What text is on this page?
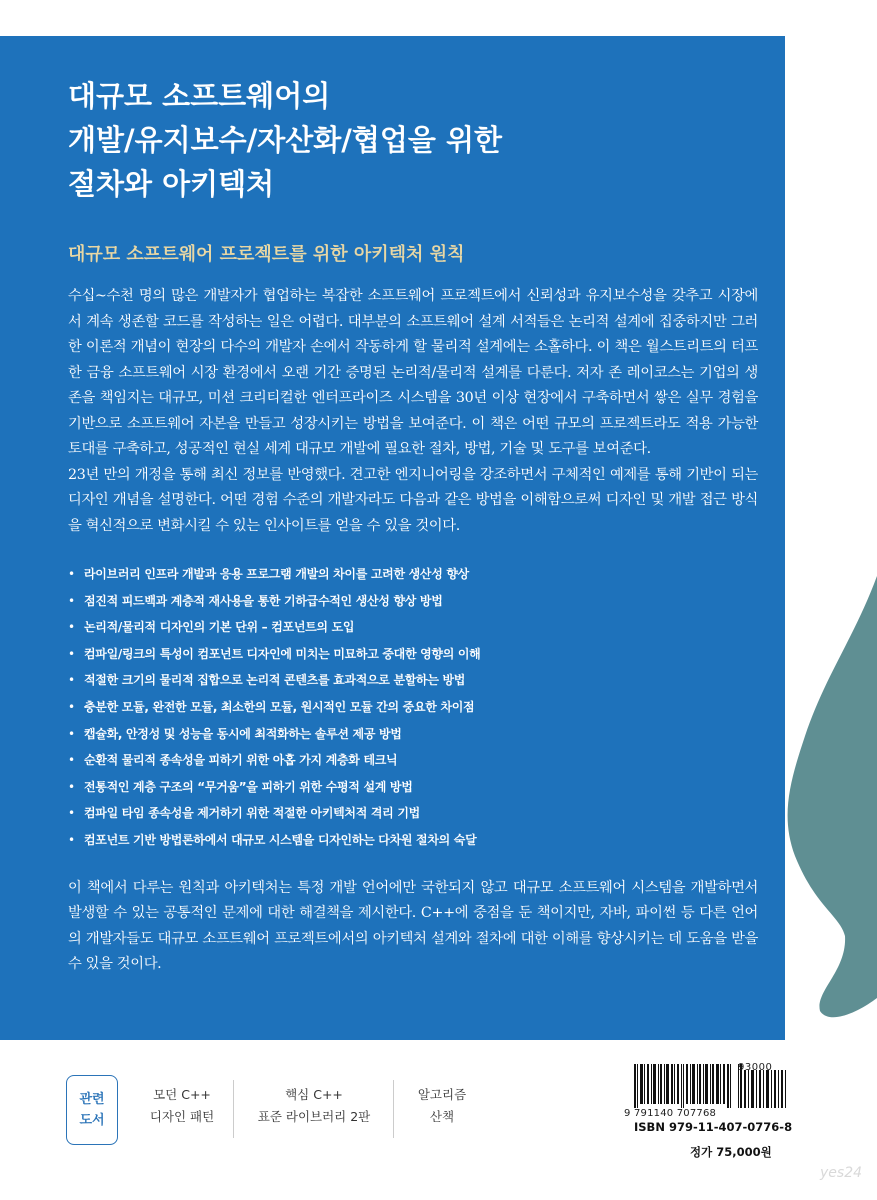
대규모 소프트웨어의
개발/유지보수/자산화/협업을 위한
절차와 아키텍처
대규모 소프트웨어 프로젝트를 위한 아키텍처 원칙

수십~수천 명의 많은 개발자가 협업하는 복잡한 소프트웨어 프로젝트에서 신뢰성과 유지보수성을 갖추고 시장에서 계속 생존할 코드를 작성하는 일은 어렵다. 대부분의 소프트웨어 설계 서적들은 논리적 설계에 집중하지만 그러한 이론적 개념이 현장의 다수의 개발자 손에서 작동하게 할 물리적 설계에는 소홀하다. 이 책은 월스트리트의 터프한 금융 소프트웨어 시장 환경에서 오랜 기간 증명된 논리적/물리적 설계를 다룬다. 저자 존 레이코스는 기업의 생존을 책임지는 대규모, 미션 크리티컬한 엔터프라이즈 시스템을 30년 이상 현장에서 구축하면서 쌓은 실무 경험을 기반으로 소프트웨어 자본을 만들고 성장시키는 방법을 보여준다. 이 책은 어떤 규모의 프로젝트라도 적용 가능한 토대를 구축하고, 성공적인 현실 세계 대규모 개발에 필요한 절차, 방법, 기술 및 도구를 보여준다.

23년 만의 개정을 통해 최신 정보를 반영했다. 견고한 엔지니어링을 강조하면서 구체적인 예제를 통해 기반이 되는 디자인 개념을 설명한다. 어떤 경험 수준의 개발자라도 다음과 같은 방법을 이해함으로써 디자인 및 개발 접근 방식을 혁신적으로 변화시킬 수 있는 인사이트를 얻을 수 있을 것이다.

• 라이브러리 인프라 개발과 응용 프로그램 개발의 차이를 고려한 생산성 향상
• 점진적 피드백과 계층적 재사용을 통한 기하급수적인 생산성 향상 방법
• 논리적/물리적 디자인의 기본 단위 – 컴포넌트의 도입
• 컴파일/링크의 특성이 컴포넌트 디자인에 미치는 미묘하고 중대한 영향의 이해
• 적절한 크기의 물리적 집합으로 논리적 콘텐츠를 효과적으로 분할하는 방법
• 충분한 모듈, 완전한 모듈, 최소한의 모듈, 원시적인 모듈 간의 중요한 차이점
• 캡슐화, 안정성 및 성능을 동시에 최적화하는 솔루션 제공 방법
• 순환적 물리적 종속성을 피하기 위한 아홉 가지 계층화 테크닉
• 전통적인 계층 구조의 “무거움”을 피하기 위한 수평적 설계 방법
• 컴파일 타임 종속성을 제거하기 위한 적절한 아키텍처적 격리 기법
• 컴포넌트 기반 방법론하에서 대규모 시스템을 디자인하는 다차원 절차의 숙달
이 책에서 다루는 원칙과 아키텍처는 특정 개발 언어에만 국한되지 않고 대규모 소프트웨어 시스템을 개발하면서 발생할 수 있는 공통적인 문제에 대한 해결책을 제시한다. C++에 중점을 둔 책이지만, 자바, 파이썬 등 다른 언어의 개발자들도 대규모 소프트웨어 프로젝트에서의 아키텍처 설계와 절차에 대한 이해를 향상시키는 데 도움을 받을 수 있을 것이다.
관련
도서
모던 C++
디자인 패턴
핵심 C++
표준 라이브러리 2판
알고리즘
산책
93000
9 791140 707768
ISBN 979-11-407-0776-8
정가 75,000원
yes24
